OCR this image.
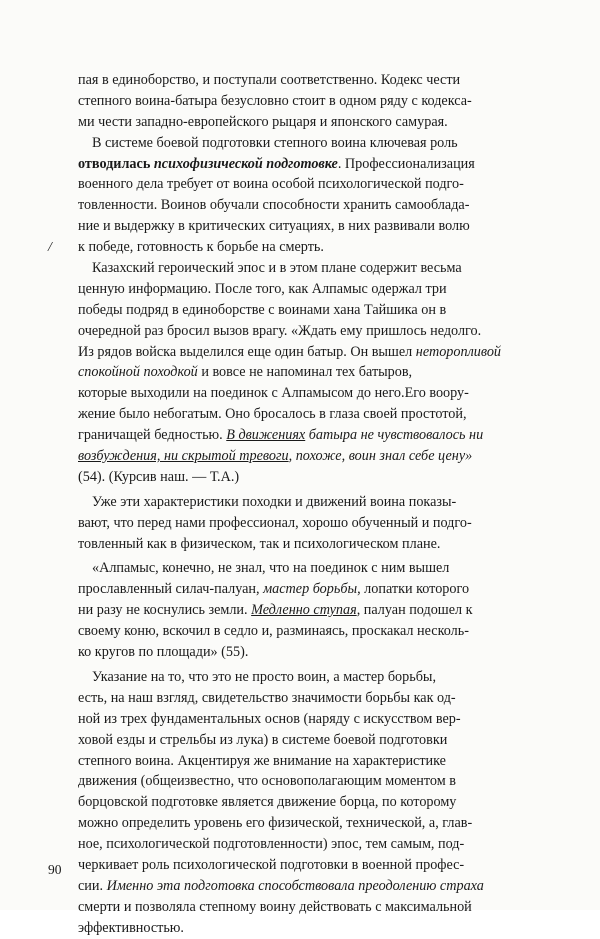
/
пая в единоборство, и поступали соответственно. Кодекс чести
степного воина-батыра безусловно стоит в одном ряду с кодекса-
ми чести западно-европейского рыцаря и японского самурая.
В системе боевой подготовки степного воина ключевая роль
отводилась психофизической подготовке. Профессионализация
военного дела требует от воина особой психологической подго-
товленности. Воинов обучали способности хранить самооблада-
ние и выдержку в критических ситуациях, в них развивали волю
к победе, готовность к борьбе на смерть.
Казахский героический эпос и в этом плане содержит весьма
ценную информацию. После того, как Алпамыс одержал три
победы подряд в единоборстве с воинами хана Тайшика он в
очередной раз бросил вызов врагу. «Ждать ему пришлось недолго.
Из рядов войска выделился еще один батыр. Он вышел неторопливой
спокойной походкой и вовсе не напоминал тех батыров,
которые выходили на поединок с Алпамысом до него.Его воору-
жение было небогатым. Оно бросалось в глаза своей простотой,
граничащей бедностью. В движениях батыра не чувствовалось ни
возбуждения, ни скрытой тревоги, похоже, воин знал себе цену»
(54). (Курсив наш. — Т.А.)
Уже эти характеристики походки и движений воина показы-
вают, что перед нами профессионал, хорошо обученный и подго-
товленный как в физическом, так и психологическом плане.
«Алпамыс, конечно, не знал, что на поединок с ним вышел
прославленный силач-палуан, мастер борьбы, лопатки которого
ни разу не коснулись земли. Медленно ступая, палуан подошел к
своему коню, вскочил в седло и, разминаясь, проскакал несколь-
ко кругов по площади» (55).
Указание на то, что это не просто воин, а мастер борьбы,
есть, на наш взгляд, свидетельство значимости борьбы как од-
ной из трех фундаментальных основ (наряду с искусством вер-
ховой езды и стрельбы из лука) в системе боевой подготовки
степного воина. Акцентируя же внимание на характеристике
движения (общеизвестно, что основополагающим моментом в
борцовской подготовке является движение борца, по которому
можно определить уровень его физической, технической, а, глав-
ное, психологической подготовленности) эпос, тем самым, под-
черкивает роль психологической подготовки в военной профес-
сии. Именно эта подготовка способствовала преодолению страха
смерти и позволяла степному воину действовать с максимальной
эффективностью.
90
